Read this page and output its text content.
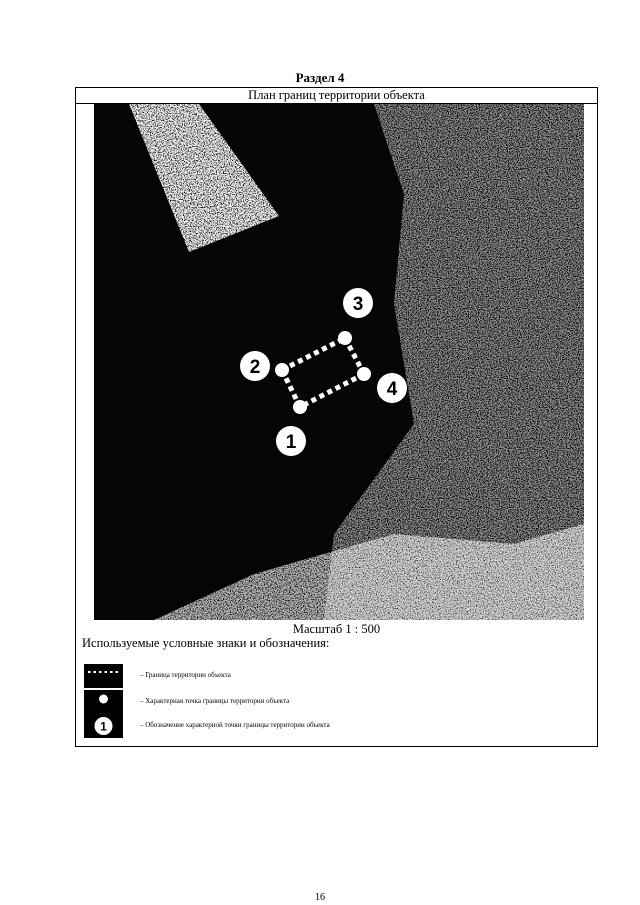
Раздел 4
План границ территории объекта
1
2
3
4
Масштаб 1 : 500
Используемые условные знаки и обозначения:
– Граница территории объекта
– Характерная точка границы территории объекта
1	– Обозначение характерной точки границы территории объекта
16
